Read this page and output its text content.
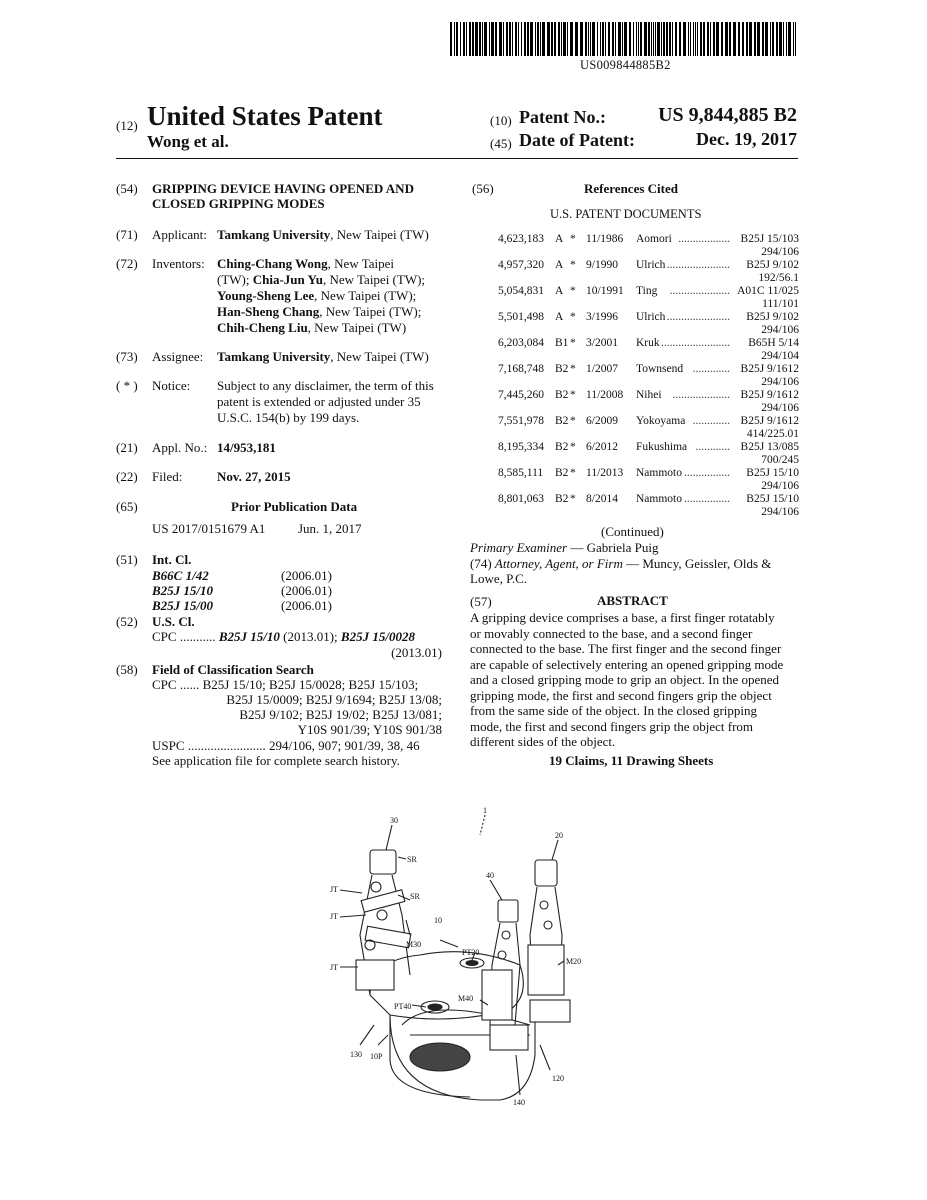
US009844885B2
(12) United States Patent
Wong et al.
(10) Patent No.:	US 9,844,885 B2
(45) Date of Patent:	Dec. 19, 2017
(54) GRIPPING DEVICE HAVING OPENED AND
CLOSED GRIPPING MODES
(71) Applicant: Tamkang University, New Taipei (TW)
(72) Inventors: Ching-Chang Wong, New Taipei
(TW); Chia-Jun Yu, New Taipei (TW);
Young-Sheng Lee, New Taipei (TW);
Han-Sheng Chang, New Taipei (TW);
Chih-Cheng Liu, New Taipei (TW)
(73) Assignee: Tamkang University, New Taipei (TW)
( * ) Notice: Subject to any disclaimer, the term of this
patent is extended or adjusted under 35
U.S.C. 154(b) by 199 days.
(21) Appl. No.: 14/953,181
(22) Filed:	Nov. 27, 2015
(65)	Prior Publication Data
US 2017/0151679 A1	Jun. 1, 2017
(51) Int. Cl.
B66C 1/42	(2006.01)
B25J 15/10	(2006.01)
B25J 15/00	(2006.01)
(52) U.S. Cl.
CPC ........... B25J 15/10 (2013.01); B25J 15/0028
(2013.01)
(58) Field of Classification Search
CPC ...... B25J 15/10; B25J 15/0028; B25J 15/103;
B25J 15/0009; B25J 9/1694; B25J 13/08;
B25J 9/102; B25J 19/02; B25J 13/081;
Y10S 901/39; Y10S 901/38
USPC ........................ 294/106, 907; 901/39, 38, 46
See application file for complete search history.
(56)	References Cited
U.S. PATENT DOCUMENTS
4,623,183 A * 11/1986 Aomori .................. B25J 15/103
294/106
4,957,320 A * 9/1990 Ulrich ...................... B25J 9/102
192/56.1
5,054,831 A * 10/1991 Ting ..................... A01C 11/025
111/101
5,501,498 A * 3/1996 Ulrich ...................... B25J 9/102
294/106
6,203,084 B1 * 3/2001 Kruk ........................ B65H 5/14
294/104
7,168,748 B2 * 1/2007 Townsend ............. B25J 9/1612
294/106
7,445,260 B2 * 11/2008 Nihei .................... B25J 9/1612
294/106
7,551,978 B2 * 6/2009 Yokoyama ............. B25J 9/1612
414/225.01
8,195,334 B2 * 6/2012 Fukushima ............ B25J 13/085
700/245
8,585,111 B2 * 11/2013 Nammoto ................ B25J 15/10
294/106
8,801,063 B2 * 8/2014 Nammoto ................ B25J 15/10
294/106
(Continued)
Primary Examiner — Gabriela Puig
(74) Attorney, Agent, or Firm — Muncy, Geissler, Olds &
Lowe, P.C.
(57)	ABSTRACT
A gripping device comprises a base, a first finger rotatably
or movably connected to the base, and a second finger
connected to the base. The first finger and the second finger
are capable of selectively entering an opened gripping mode
and a closed gripping mode to grip an object. In the opened
gripping mode, the first and second fingers grip the object
from the same side of the object. In the closed gripping
mode, the first and second fingers grip the object from
different sides of the object.
19 Claims, 11 Drawing Sheets
30
1
20
40
SR
SR
10
JT
JT
JT
M30
PT20
M20
M40
PT40
130 10P
120
140
